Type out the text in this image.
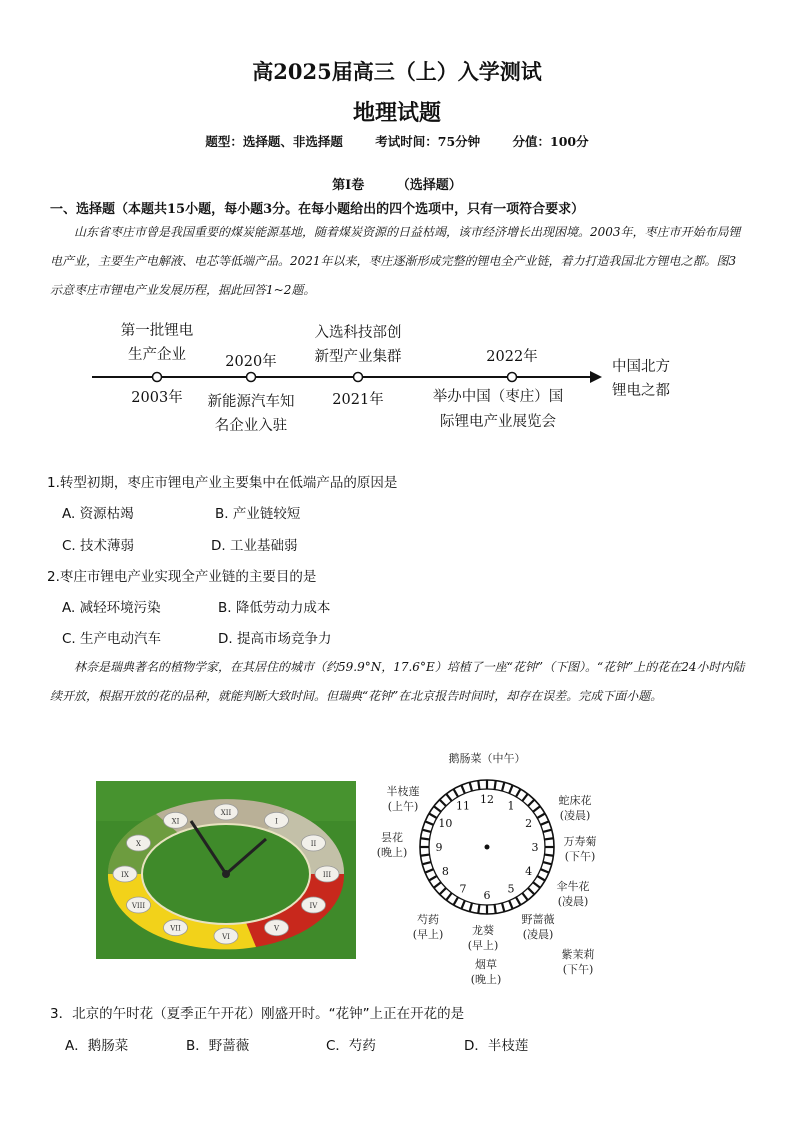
高2025届高三（上）入学测试
地理试题
题型：选择题、非选择题	考试时间：75分钟	分值：100分
第Ⅰ卷	（选择题）
一、选择题（本题共15小题，每小题3分。在每小题给出的四个选项中，只有一项符合要求）
山东省枣庄市曾是我国重要的煤炭能源基地，随着煤炭资源的日益枯竭，该市经济增长出现困境。2003年，枣庄市开始布局锂电产业，主要生产电解液、电芯等低端产品。2021年以来，枣庄逐渐形成完整的锂电全产业链，着力打造我国北方锂电之都。图3示意枣庄市锂电产业发展历程，据此回答1~2题。
第一批锂电
生产企业	2020年
入选科技部创
新型产业集群	2022年
2003年 新能源汽车知
名企业入驻
2021年	举办中国（枣庄）国
际锂电产业展览会
中国北方
锂电之都
1.转型初期，枣庄市锂电产业主要集中在低端产品的原因是
A. 资源枯竭	B. 产业链较短
C. 技术薄弱	D. 工业基础弱
2.枣庄市锂电产业实现全产业链的主要目的是
A. 减轻环境污染	B. 降低劳动力成本
C. 生产电动汽车	D. 提高市场竞争力
林奈是瑞典著名的植物学家，在其居住的城市（约59.9°N，17.6°E）培植了一座“花钟”（下图）。“花钟”上的花在24小时内陆续开放，根据开放的花的品种，就能判断大致时间。但瑞典“花钟”在北京报告时间时，却存在误差。完成下面小题。
XII
I
II
III
IV
V
VI
VII
VIII
IX
X
XI
12 1
2
3
4
5
6
7
8
9
10
11
鹅肠菜（中午）
蛇床花
(凌晨)
万寿菊
(下午)
伞牛花
(凌晨)
野蔷薇
(凌晨)
紫茉莉
(下午)
龙葵
(早上)
烟草
(晚上)
芍药
(早上)
昙花
(晚上)
半枝莲
(上午)
3．北京的午时花（夏季正午开花）刚盛开时。“花钟”上正在开花的是
A．鹅肠菜	B．野蔷薇	C．芍药	D．半枝莲
